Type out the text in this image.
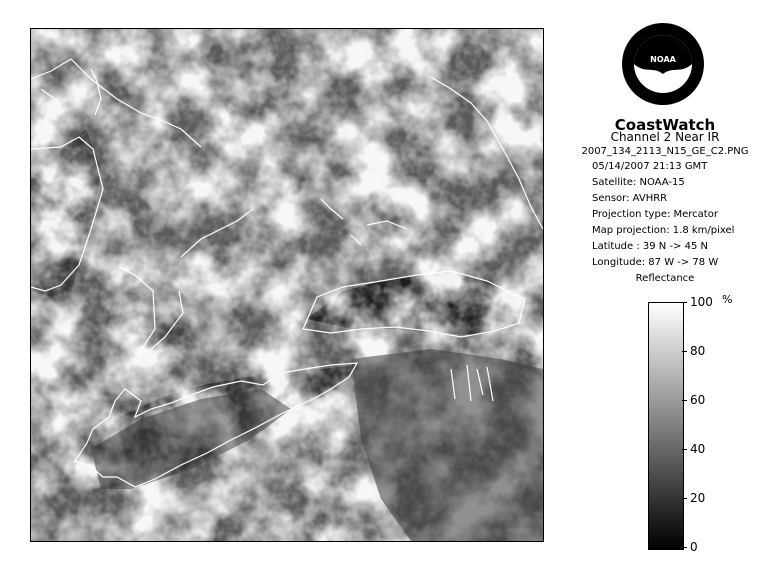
NOAA
CoastWatch
Channel 2 Near IR
2007_134_2113_N15_GE_C2.PNG
05/14/2007 21:13 GMT
Satellite: NOAA-15
Sensor: AVHRR
Projection type: Mercator
Map projection: 1.8 km/pixel
Latitude : 39 N -> 45 N
Longitude: 87 W -> 78 W
Reflectance
%
100
80
60
40
20
0
